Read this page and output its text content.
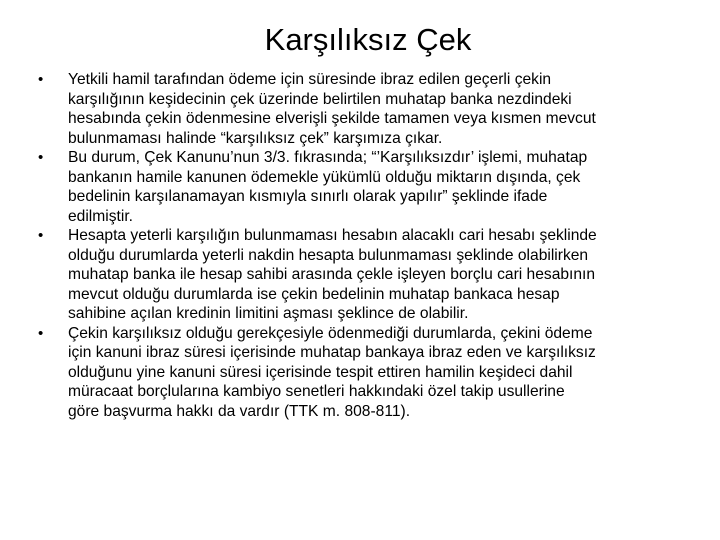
Karşılıksız Çek
•	Yetkili hamil tarafından ödeme için süresinde ibraz edilen geçerli çekin
karşılığının keşidecinin çek üzerinde belirtilen muhatap banka nezdindeki
hesabında çekin ödenmesine elverişli şekilde tamamen veya kısmen mevcut
bulunmaması halinde “karşılıksız çek” karşımıza çıkar.
•	Bu durum, Çek Kanunu’nun 3/3. fıkrasında; “’Karşılıksızdır’ işlemi, muhatap
bankanın hamile kanunen ödemekle yükümlü olduğu miktarın dışında, çek
bedelinin karşılanamayan kısmıyla sınırlı olarak yapılır” şeklinde ifade
edilmiştir.
•	Hesapta yeterli karşılığın bulunmaması hesabın alacaklı cari hesabı şeklinde
olduğu durumlarda yeterli nakdin hesapta bulunmaması şeklinde olabilirken
muhatap banka ile hesap sahibi arasında çekle işleyen borçlu cari hesabının
mevcut olduğu durumlarda ise çekin bedelinin muhatap bankaca hesap
sahibine açılan kredinin limitini aşması şeklince de olabilir.
•	Çekin karşılıksız olduğu gerekçesiyle ödenmediği durumlarda, çekini ödeme
için kanuni ibraz süresi içerisinde muhatap bankaya ibraz eden ve karşılıksız
olduğunu yine kanuni süresi içerisinde tespit ettiren hamilin keşideci dahil
müracaat borçlularına kambiyo senetleri hakkındaki özel takip usullerine
göre başvurma hakkı da vardır (TTK m. 808-811).
